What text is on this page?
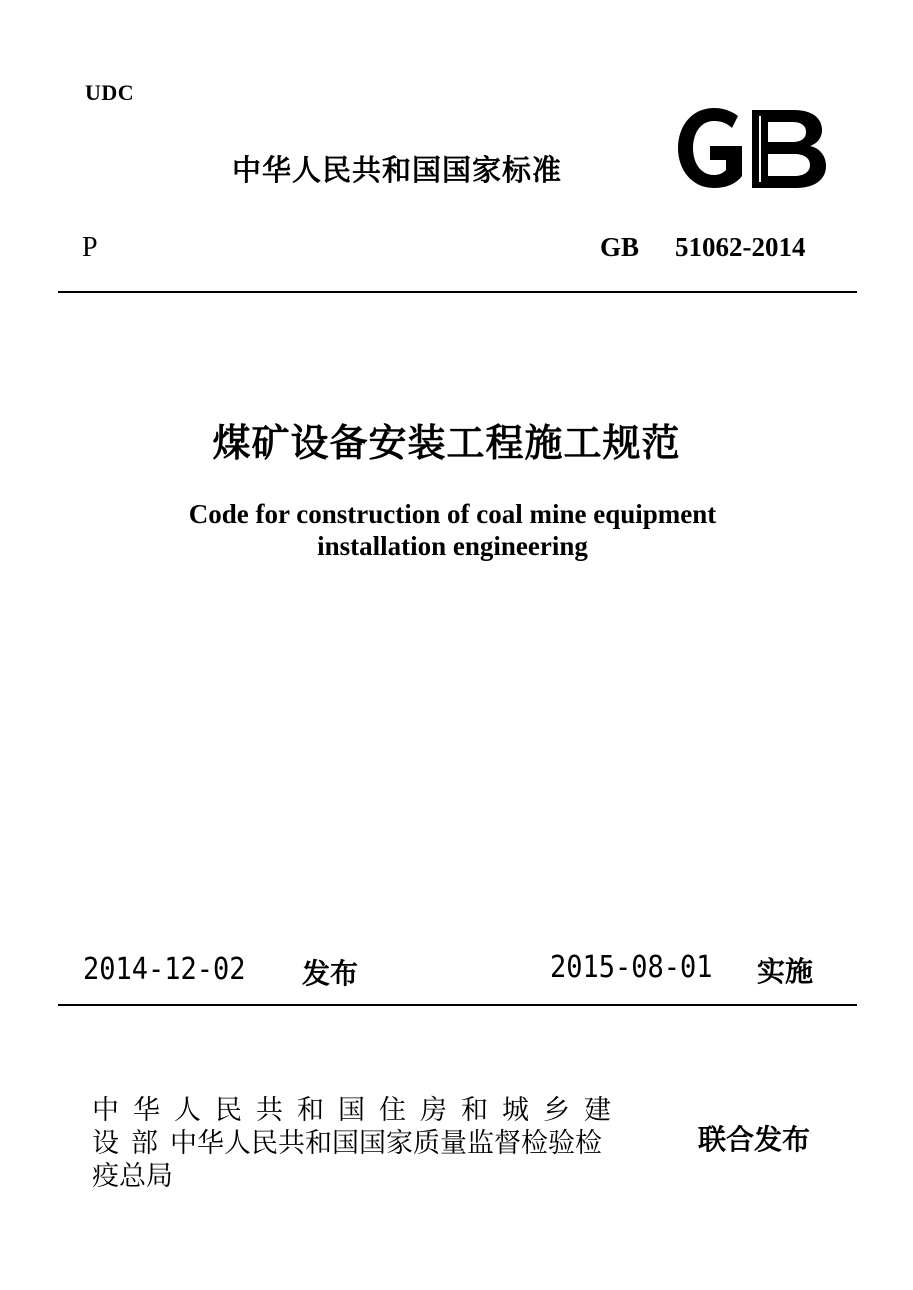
UDC
中华人民共和国国家标准
P	GB 51062-2014
煤矿设备安装工程施工规范
Code for construction of coal mine equipment
installation engineering
2014-12-02 发布	2015-08-01 实施
中华人民共和国住房和城乡建
设 部 中华人民共和国国家质量监督检验检
疫总局
联合发布
